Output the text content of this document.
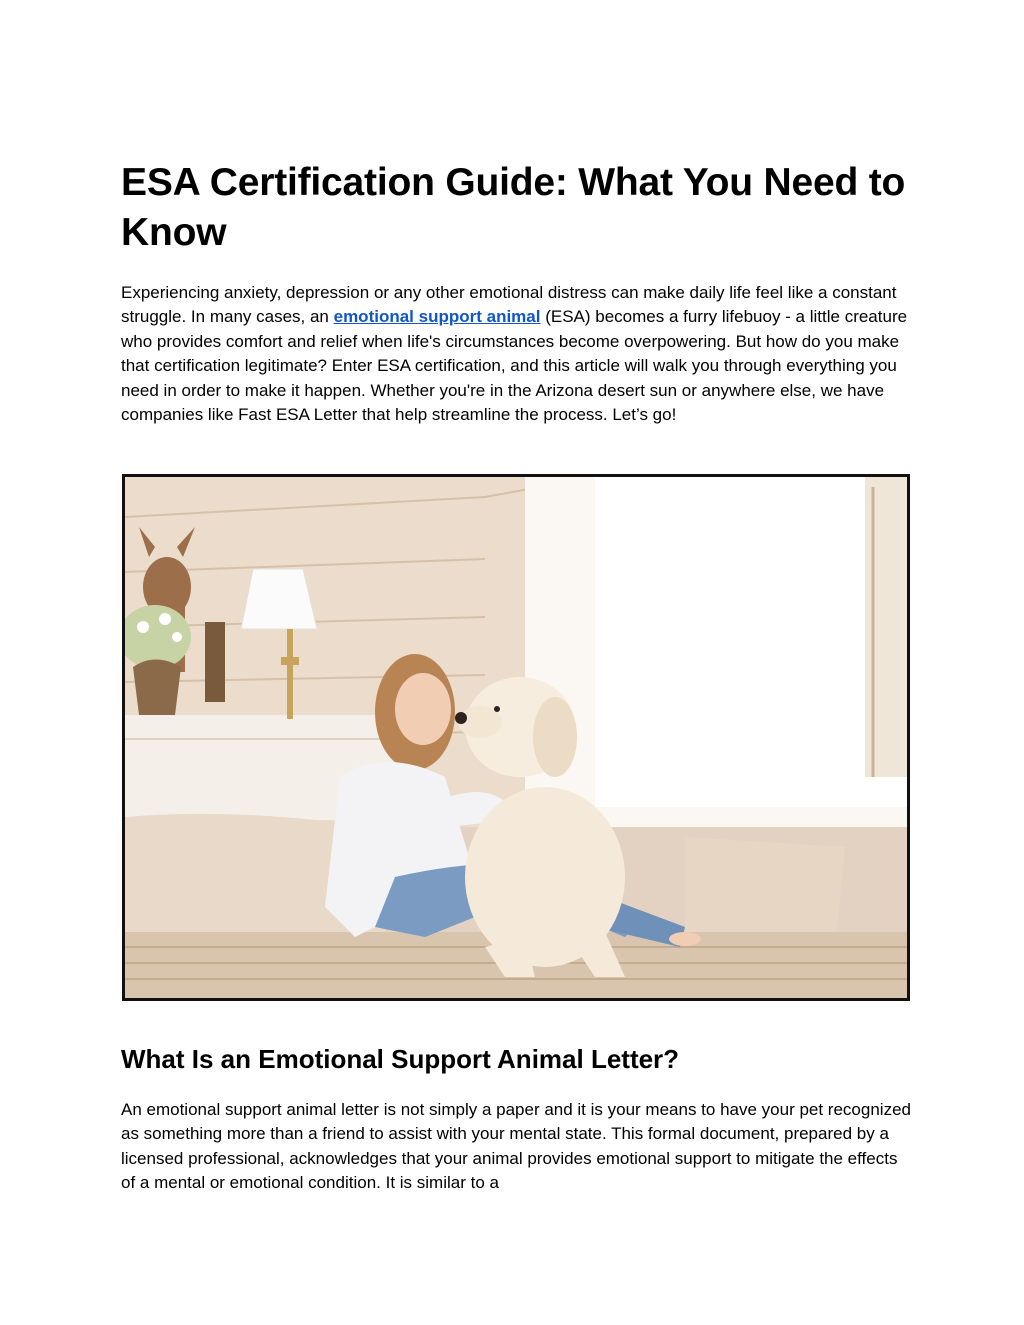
ESA Certification Guide: What You Need to Know

Experiencing anxiety, depression or any other emotional distress can make daily life feel like a constant struggle. In many cases, an emotional support animal (ESA) becomes a furry lifebuoy - a little creature who provides comfort and relief when life's circumstances become overpowering. But how do you make that certification legitimate? Enter ESA certification, and this article will walk you through everything you need in order to make it happen. Whether you're in the Arizona desert sun or anywhere else, we have companies like Fast ESA Letter that help streamline the process. Let’s go!

What Is an Emotional Support Animal Letter?

An emotional support animal letter is not simply a paper and it is your means to have your pet recognized as something more than a friend to assist with your mental state. This formal document, prepared by a licensed professional, acknowledges that your animal provides emotional support to mitigate the effects of a mental or emotional condition. It is similar to a
